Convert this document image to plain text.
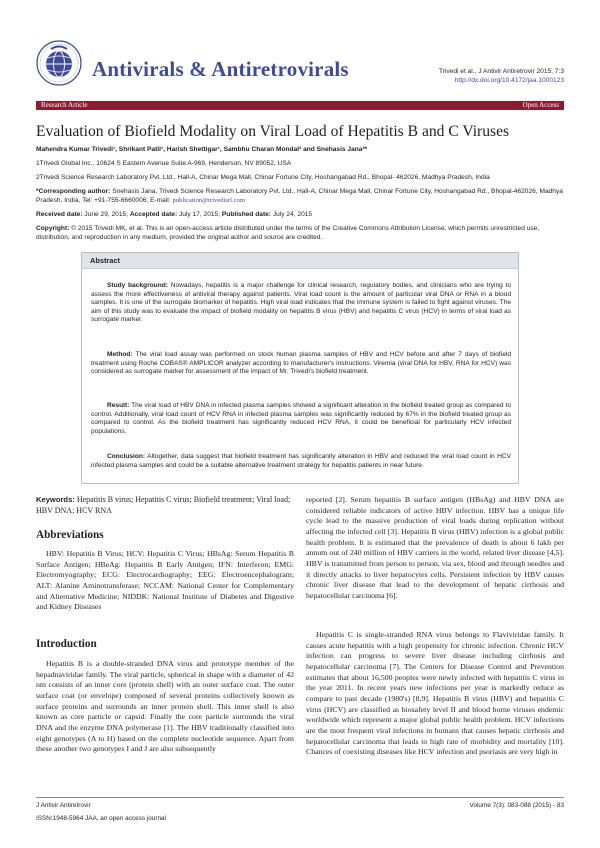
Antivirals & Antiretrovirals	Trivedi et al., J Antivir Antiretrovir 2015, 7:3
http://dx.doi.org/10.4172/jaa.1000123
Research Article	Open Access
Evaluation of Biofield Modality on Viral Load of Hepatitis B and C Viruses
Mahendra Kumar Trivedi¹, Shrikant Patil¹, Harish Shettigar¹, Sambhu Charan Mondal² and Snehasis Jana²*
1Trivedi Global Inc., 10624 S Eastern Avenue Suite A-969, Henderson, NV 89052, USA
2Trivedi Science Research Laboratory Pvt. Ltd., Hall-A, Chinar Mega Mall, Chinar Fortune City, Hoshangabad Rd., Bhopal- 462026, Madhya Pradesh, India
*Corresponding author: Snehasis Jana, Trivedi Science Research Laboratory Pvt. Ltd., Hall-A, Chinar Mega Mall, Chinar Fortune City, Hoshangabad Rd., Bhopal-462026, Madhya Pradesh, India, Tel: +91-755-6660006; E-mail: publication@trivedisrl.com
Received date: June 29, 2015; Accepted date: July 17, 2015; Published date: July 24, 2015
Copyright: © 2015 Trivedi MK, et al. This is an open-access article distributed under the terms of the Creative Commons Attribution License, which permits unrestricted use, distribution, and reproduction in any medium, provided the original author and source are credited.
Abstract
Study background: Nowadays, hepatitis is a major challenge for clinical research, regulatory bodies, and clinicians who are trying to assess the more effectiveness of antiviral therapy against patients. Viral load count is the amount of particular viral DNA or RNA in a blood samples. It is one of the surrogate biomarker of hepatitis. High viral load indicates that the immune system is failed to fight against viruses. The aim of this study was to evaluate the impact of biofield modality on hepatitis B virus (HBV) and hepatitis C virus (HCV) in terms of viral load as surrogate marker.
Method: The viral load assay was performed on stock human plasma samples of HBV and HCV before and after 7 days of biofield treatment using Roche COBAS® AMPLICOR analyzer according to manufacturer's instructions. Viremia (viral DNA for HBV, RNA for HCV) was considered as surrogate marker for assessment of the impact of Mr. Trivedi's biofield treatment.
Result: The viral load of HBV DNA in infected plasma samples showed a significant alteration in the biofield treated group as compared to control. Additionally, viral load count of HCV RNA in infected plasma samples was significantly reduced by 67% in the biofield treated group as compared to control. As the biofield treatment has significantly reduced HCV RNA, it could be beneficial for particularly HCV infected populations.
Conclusion: Altogether, data suggest that biofield treatment has significantly alteration in HBV and reduced the viral load count in HCV infected plasma samples and could be a suitable alternative treatment strategy for hepatitis patients in near future.
Keywords: Hepatitis B virus; Hepatitis C virus; Biofield treatment; Viral load; HBV DNA; HCV RNA
Abbreviations
HBV: Hepatitis B Virus; HCV: Hepatitis C Virus; HBsAg: Serum Hepatitis B Surface Antigen; HBeAg: Hepatitis B Early Antigen; IFN: Interferon; EMG: Electromyography; ECG: Electrocardiography; EEG: Electroencephalogram; ALT: Alanine Aminotransferase; NCCAM: National Center for Complementary and Alternative Medicine; NIDDK: National Institute of Diabetes and Digestive and Kidney Diseases
Introduction
Hepatitis B is a double-stranded DNA virus and prototype member of the hepadnaviridae family. The viral particle, spherical in shape with a diameter of 42 nm consists of an inner core (protein shell) with an outer surface coat. The outer surface coat (or envelope) composed of several proteins collectively known as surface proteins and surrounds an inner protein shell. This inner shell is also known as core particle or capsid. Finally the core particle surrounds the viral DNA and the enzyme DNA polymerase [1]. The HBV traditionally classified into eight genotypes (A to H) based on the complete nucleotide sequence. Apart from these another two genotypes I and J are also subsequently
reported [2]. Serum hepatitis B surface antigen (HBsAg) and HBV DNA are considered reliable indicators of active HBV infection. HBV has a unique life cycle lead to the massive production of viral loads during replication without affecting the infected cell [3]. Hepatitis B virus (HBV) infection is a global public health problem. It is estimated that the prevalence of death is about 6 lakh per annum out of 240 million of HBV carriers in the world, related liver disease [4,5]. HBV is transmitted from person to person, via sex, blood and through needles and it directly attacks to liver hepatocytes cells. Persistent infection by HBV causes chronic liver disease that lead to the development of hepatic cirrhosis and hepatocellular carcinoma [6].
Hepatitis C is single-stranded RNA virus belongs to Flaviviridae family. It causes acute hepatitis with a high propensity for chronic infection. Chronic HCV infection can progress to severe liver disease including cirrhosis and hepatocellular carcinoma [7]. The Centers for Disease Control and Prevention estimates that about 16,500 peoples were newly infected with hepatitis C virus in the year 2011. In recent years new infections per year is markedly reduce as compare to past decade (1980's) [8,9]. Hepatitis B virus (HBV) and hepatitis C virus (HCV) are classified as biosafety level II and blood borne viruses endemic worldwide which represent a major global public health problem. HCV infections are the most frequent viral infections in humans that causes hepatic cirrhosis and hepatocellular carcinoma that leads to high rate of morbidity and mortality [10]. Chances of coexisting diseases like HCV infection and psoriasis are very high in
J Antivir Antiretrovir
ISSN:1948-5964 JAA, an open access journal
Volume 7(3): 083-088 (2015) - 83
